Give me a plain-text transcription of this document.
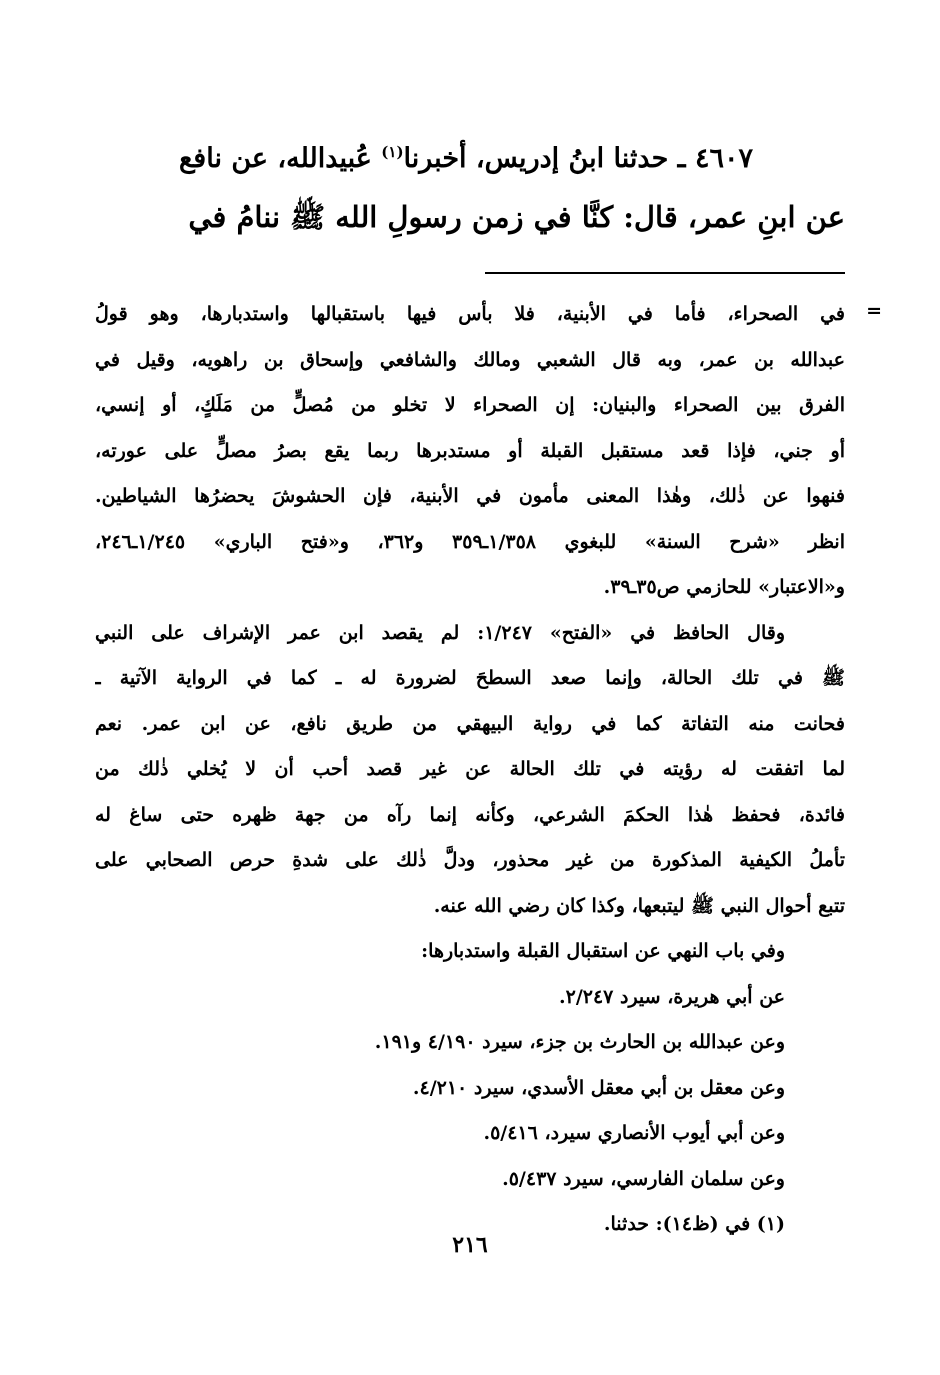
٤٦٠٧ ـ حدثنا ابنُ إدريس، أخبرنا$^{(١)}$ عُبيدالله، عن نافع
عن ابنِ عمر، قال: كنَّا في زمن رسولِ الله ﷺ ننامُ في
في الصحراء، فأما في الأبنية، فلا بأس فيها باستقبالها واستدبارها، وهو قولُ
عبدالله بن عمر، وبه قال الشعبي ومالك والشافعي وإسحاق بن راهويه، وقيل في
الفرق بين الصحراء والبنيان: إن الصحراء لا تخلو من مُصلٍّ من مَلَكٍ، أو إنسي،
أو جني، فإذا قعد مستقبل القبلة أو مستدبرها ربما يقع بصرُ مصلٍّ على عورته،
فنهوا عن ذٰلك، وهٰذا المعنى مأمون في الأبنية، فإن الحشوشَ يحضرُها الشياطين.
انظر «شرح السنة» للبغوي ١/٣٥٨ـ٣٥٩ و٣٦٢، و«فتح الباري» ١/٢٤٥ـ٢٤٦،
و«الاعتبار» للحازمي ص٣٥ـ٣٩.
وقال الحافظ في «الفتح» ١/٢٤٧: لم يقصد ابن عمر الإشراف على النبي
ﷺ في تلك الحالة، وإنما صعد السطحَ لضرورة له ـ كما في الرواية الآتية ـ
فحانت منه التفاتة كما في رواية البيهقي من طريق نافع، عن ابن عمر. نعم
لما اتفقت له رؤيته في تلك الحالة عن غير قصد أحب أن لا يُخلي ذٰلك من
فائدة، فحفظ هٰذا الحكمَ الشرعي، وكأنه إنما رآه من جهة ظهره حتى ساغ له
تأملُ الكيفية المذكورة من غير محذور، ودلَّ ذٰلك على شدةِ حرص الصحابي على
تتبع أحوال النبي ﷺ ليتبعها، وكذا كان رضي الله عنه.
وفي باب النهي عن استقبال القبلة واستدبارها:
عن أبي هريرة، سيرد ٢/٢٤٧.
وعن عبدالله بن الحارث بن جزء، سيرد ٤/١٩٠ و١٩١.
وعن معقل بن أبي معقل الأسدي، سيرد ٤/٢١٠.
وعن أبي أيوب الأنصاري سيرد، ٥/٤١٦.
وعن سلمان الفارسي، سيرد ٥/٤٣٧.
(١) في (ظ١٤): حدثنا.
٢١٦
=
